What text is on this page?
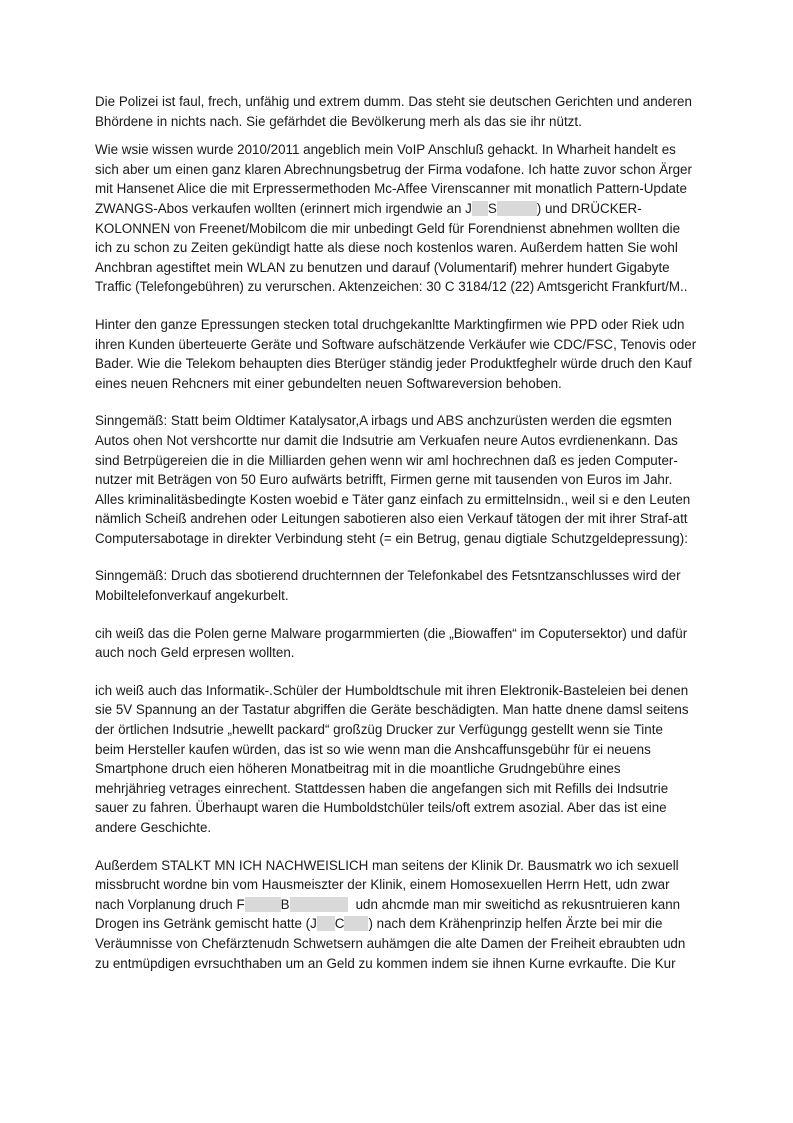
Die Polizei ist faul, frech, unfähig und extrem dumm. Das steht sie deutschen Gerichten und anderen
Bhördene in nichts nach. Sie gefärhdet die Bevölkerung merh als das sie ihr nützt.
Wie wsie wissen wurde 2010/2011 angeblich mein VoIP Anschluß gehackt. In Wharheit handelt es
sich aber um einen ganz klaren Abrechnungsbetrug der Firma vodafone. Ich hatte zuvor schon Ärger
mit Hansenet Alice die mit Erpressermethoden Mc-Affee Virenscanner mit monatlich Pattern-Update
ZWANGS-Abos verkaufen wollten (erinnert mich irgendwie an J S	) und DRÜCKER-
KOLONNEN von Freenet/Mobilcom die mir unbedingt Geld für Forendnienst abnehmen wollten die
ich zu schon zu Zeiten gekündigt hatte als diese noch kostenlos waren. Außerdem hatten Sie wohl
Anchbran agestiftet mein WLAN zu benutzen und darauf (Volumentarif) mehrer hundert Gigabyte
Traffic (Telefongebühren) zu verurschen. Aktenzeichen: 30 C 3184/12 (22) Amtsgericht Frankfurt/M..
Hinter den ganze Epressungen stecken total druchgekanltte Marktingfirmen wie PPD oder Riek udn
ihren Kunden überteuerte Geräte und Software aufschätzende Verkäufer wie CDC/FSC, Tenovis oder
Bader. Wie die Telekom behaupten dies Bterüger ständig jeder Produktfeghelr würde druch den Kauf
eines neuen Rehcners mit einer gebundelten neuen Softwareversion behoben.
Sinngemäß: Statt beim Oldtimer Katalysator,A irbags und ABS anchzurüsten werden die egsmten
Autos ohen Not vershcortte nur damit die Indsutrie am Verkuafen neure Autos evrdienenkann. Das
sind Betrpügereien die in die Milliarden gehen wenn wir aml hochrechnen daß es jeden Computer-
nutzer mit Beträgen von 50 Euro aufwärts betrifft, Firmen gerne mit tausenden von Euros im Jahr.
Alles kriminalitäsbedingte Kosten woebid e Täter ganz einfach zu ermittelnsidn., weil si e den Leuten
nämlich Scheiß andrehen oder Leitungen sabotieren also eien Verkauf tätogen der mit ihrer Straf-att
Computersabotage in direkter Verbindung steht (= ein Betrug, genau digtiale Schutzgeldepressung):
Sinngemäß: Druch das sbotierend druchternnen der Telefonkabel des Fetsntzanschlusses wird der
Mobiltelefonverkauf angekurbelt.
cih weiß das die Polen gerne Malware progarmmierten (die „Biowaffen“ im Coputersektor) und dafür
auch noch Geld erpresen wollten.
ich weiß auch das Informatik-.Schüler der Humboldtschule mit ihren Elektronik-Basteleien bei denen
sie 5V Spannung an der Tastatur abgriffen die Geräte beschädigten. Man hatte dnene damsl seitens
der örtlichen Indsutrie „hewellt packard“ großzüg Drucker zur Verfügungg gestellt wenn sie Tinte
beim Hersteller kaufen würden, das ist so wie wenn man die Anshcaffunsgebühr für ei neuens
Smartphone druch eien höheren Monatbeitrag mit in die moantliche Grudngebühre eines
mehrjährieg vetrages einrechent. Stattdessen haben die angefangen sich mit Refills dei Indsutrie
sauer zu fahren. Überhaupt waren die Humboldstchüler teils/oft extrem asozial. Aber das ist eine
andere Geschichte.
Außerdem STALKT MN ICH NACHWEISLICH man seitens der Klinik Dr. Bausmatrk wo ich sexuell
missbrucht wordne bin vom Hausmeiszter der Klinik, einem Homosexuellen Herrn Hett, udn zwar
nach Vorplanung druch F	B	udn ahcmde man mir sweitichd as rekusntruieren kann
Drogen ins Getränk gemischt hatte (J C ) nach dem Krähenprinzip helfen Ärzte bei mir die
Veräumnisse von Chefärztenudn Schwetsern auhämgen die alte Damen der Freiheit ebraubten udn
zu entmüpdigen evrsuchthaben um an Geld zu kommen indem sie ihnen Kurne evrkaufte. Die Kur
